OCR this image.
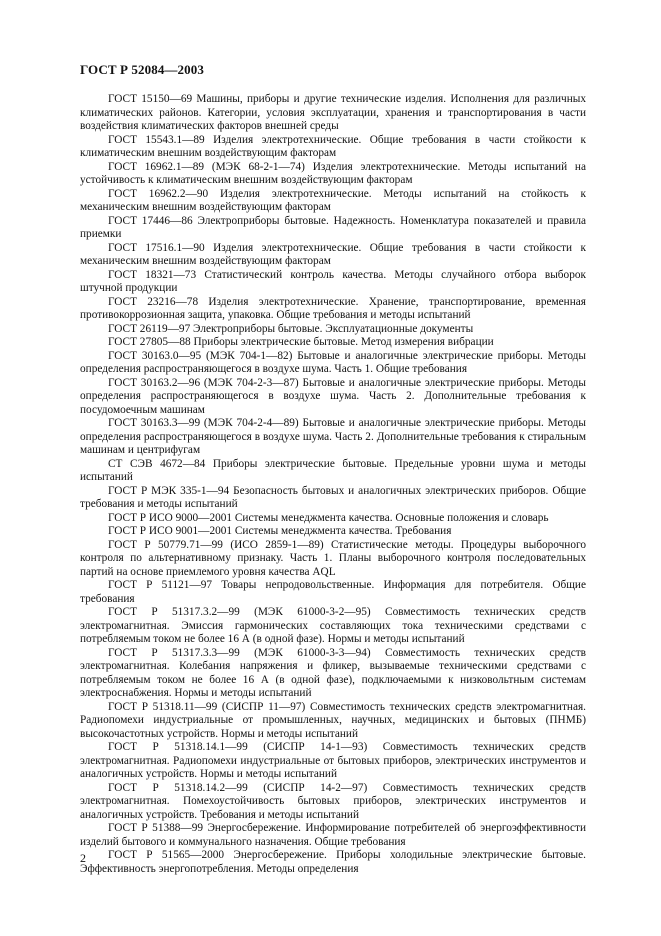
ГОСТ Р 52084—2003

ГОСТ 15150—69 Машины, приборы и другие технические изделия. Исполнения для различных климатических районов. Категории, условия эксплуатации, хранения и транспортирования в части воздействия климатических факторов внешней среды

ГОСТ 15543.1—89 Изделия электротехнические. Общие требования в части стойкости к климатическим внешним воздействующим факторам

ГОСТ 16962.1—89 (МЭК 68-2-1—74) Изделия электротехнические. Методы испытаний на устойчивость к климатическим внешним воздействующим факторам

ГОСТ 16962.2—90 Изделия электротехнические. Методы испытаний на стойкость к механическим внешним воздействующим факторам

ГОСТ 17446—86 Электроприборы бытовые. Надежность. Номенклатура показателей и правила приемки

ГОСТ 17516.1—90 Изделия электротехнические. Общие требования в части стойкости к механическим внешним воздействующим факторам

ГОСТ 18321—73 Статистический контроль качества. Методы случайного отбора выборок штучной продукции

ГОСТ 23216—78 Изделия электротехнические. Хранение, транспортирование, временная противокоррозионная защита, упаковка. Общие требования и методы испытаний

ГОСТ 26119—97 Электроприборы бытовые. Эксплуатационные документы

ГОСТ 27805—88 Приборы электрические бытовые. Метод измерения вибрации

ГОСТ 30163.0—95 (МЭК 704-1—82) Бытовые и аналогичные электрические приборы. Методы определения распространяющегося в воздухе шума. Часть 1. Общие требования

ГОСТ 30163.2—96 (МЭК 704-2-3—87) Бытовые и аналогичные электрические приборы. Методы определения распространяющегося в воздухе шума. Часть 2. Дополнительные требования к посудомоечным машинам

ГОСТ 30163.3—99 (МЭК 704-2-4—89) Бытовые и аналогичные электрические приборы. Методы определения распространяющегося в воздухе шума. Часть 2. Дополнительные требования к стиральным машинам и центрифугам

СТ СЭВ 4672—84 Приборы электрические бытовые. Предельные уровни шума и методы испытаний

ГОСТ Р МЭК 335-1—94 Безопасность бытовых и аналогичных электрических приборов. Общие требования и методы испытаний

ГОСТ Р ИСО 9000—2001 Системы менеджмента качества. Основные положения и словарь

ГОСТ Р ИСО 9001—2001 Системы менеджмента качества. Требования

ГОСТ Р 50779.71—99 (ИСО 2859-1—89) Статистические методы. Процедуры выборочного контроля по альтернативному признаку. Часть 1. Планы выборочного контроля последовательных партий на основе приемлемого уровня качества AQL

ГОСТ Р 51121—97 Товары непродовольственные. Информация для потребителя. Общие требования

ГОСТ Р 51317.3.2—99 (МЭК 61000-3-2—95) Совместимость технических средств электромагнитная. Эмиссия гармонических составляющих тока техническими средствами с потребляемым током не более 16 А (в одной фазе). Нормы и методы испытаний

ГОСТ Р 51317.3.3—99 (МЭК 61000-3-3—94) Совместимость технических средств электромагнитная. Колебания напряжения и фликер, вызываемые техническими средствами с потребляемым током не более 16 А (в одной фазе), подключаемыми к низковольтным системам электроснабжения. Нормы и методы испытаний

ГОСТ Р 51318.11—99 (СИСПР 11—97) Совместимость технических средств электромагнитная. Радиопомехи индустриальные от промышленных, научных, медицинских и бытовых (ПНМБ) высокочастотных устройств. Нормы и методы испытаний

ГОСТ Р 51318.14.1—99 (СИСПР 14-1—93) Совместимость технических средств электромагнитная. Радиопомехи индустриальные от бытовых приборов, электрических инструментов и аналогичных устройств. Нормы и методы испытаний

ГОСТ Р 51318.14.2—99 (СИСПР 14-2—97) Совместимость технических средств электромагнитная. Помехоустойчивость бытовых приборов, электрических инструментов и аналогичных устройств. Требования и методы испытаний

ГОСТ Р 51388—99 Энергосбережение. Информирование потребителей об энергоэффективности изделий бытового и коммунального назначения. Общие требования

ГОСТ Р 51565—2000 Энергосбережение. Приборы холодильные электрические бытовые. Эффективность энергопотребления. Методы определения

2
